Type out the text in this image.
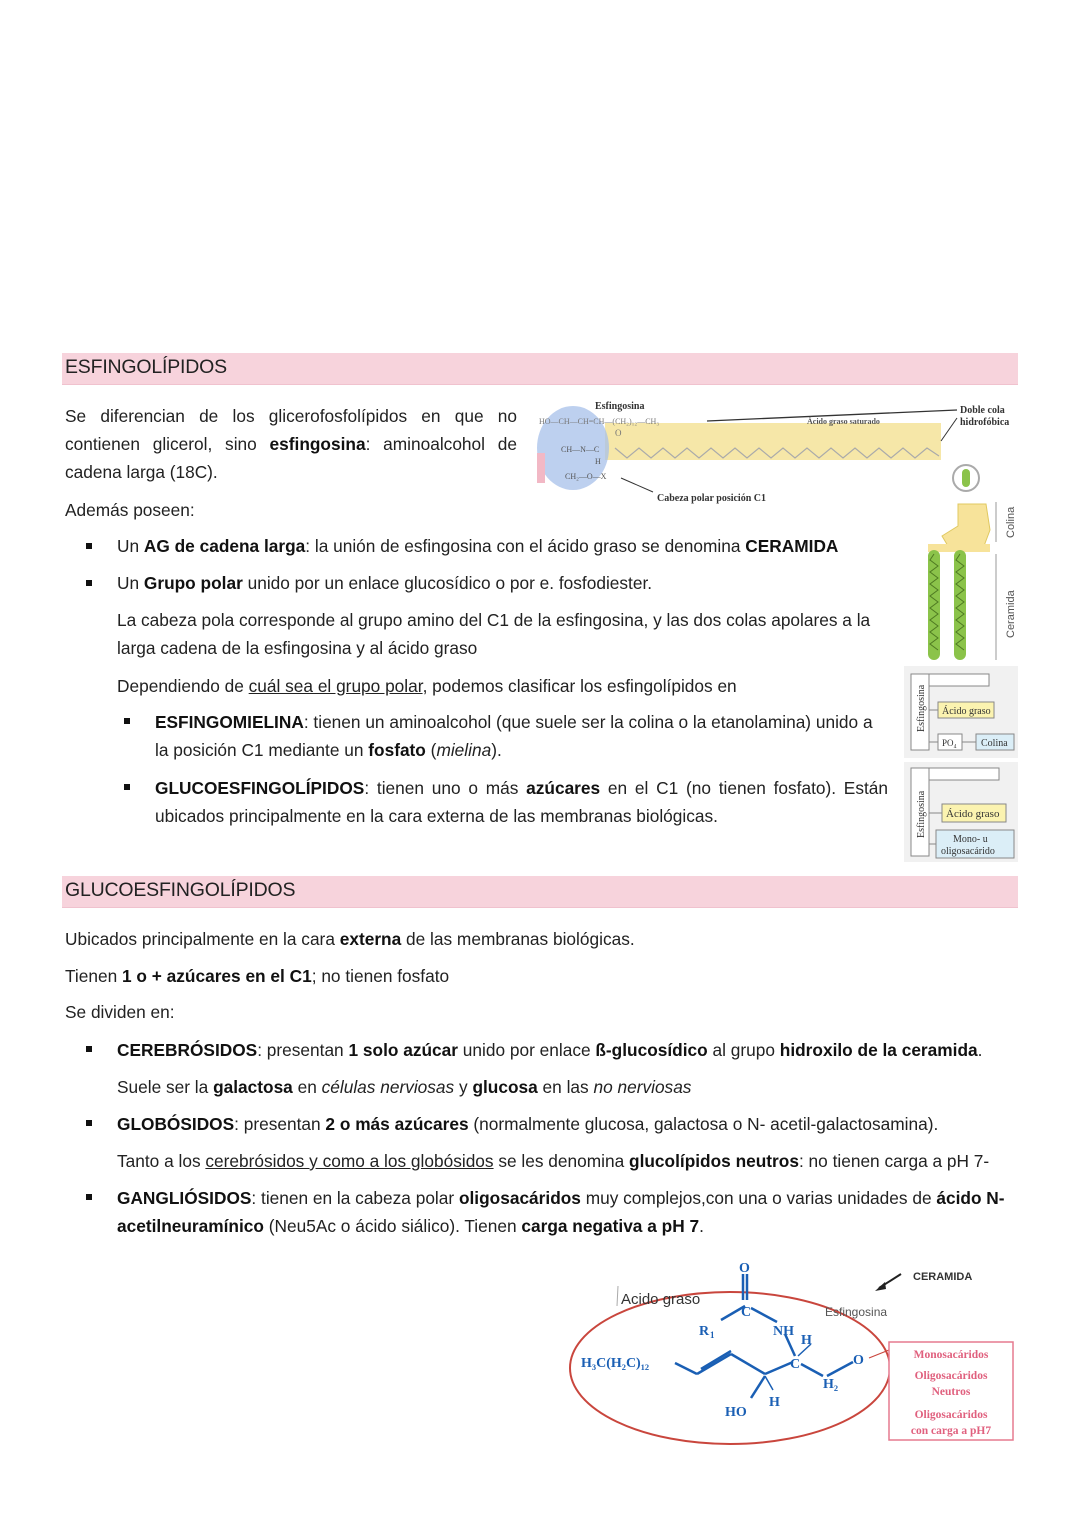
ESFINGOLÍPIDOS
Se diferencian de los glicerofosfolípidos en que no contienen glicerol, sino esfingosina: aminoalcohol de cadena larga (18C).
Además poseen:
Un AG de cadena larga: la unión de esfingosina con el ácido graso se denomina CERAMIDA
Un Grupo polar unido por un enlace glucosídico o por e. fosfodiester.
La cabeza pola corresponde al grupo amino del C1 de la esfingosina, y las dos colas apolares a la larga cadena de la esfingosina y al ácido graso
Dependiendo de cuál sea el grupo polar, podemos clasificar los esfingolípidos en
ESFINGOMIELINA: tienen un aminoalcohol (que suele ser la colina o la etanolamina) unido a la posición C1 mediante un fosfato (mielina).
GLUCOESFINGOLÍPIDOS: tienen uno o más azúcares en el C1 (no tienen fosfato). Están ubicados principalmente en la cara externa de las membranas biológicas.
Esfingosina
HO—CH—CH=CH—(CH₂)₁₂—CH₃	Ácido graso saturado
Doble cola
hidrofóbica
O
CH—N—C
H
CH₂—O—X
Cabeza polar posición C1
Colina
Ceramida
Esfingosina Ácido graso
PO₄ Colina
Esfingosina Ácido graso
Mono- u
oligosacárido
GLUCOESFINGOLÍPIDOS
Ubicados principalmente en la cara externa de las membranas biológicas.
Tienen 1 o + azúcares en el C1; no tienen fosfato
Se dividen en:
CEREBRÓSIDOS: presentan 1 solo azúcar unido por enlace ß-glucosídico al grupo hidroxilo de la ceramida.
Suele ser la galactosa en células nerviosas y glucosa en las no nerviosas
GLOBÓSIDOS: presentan 2 o más azúcares (normalmente glucosa, galactosa o N- acetil-galactosamina).
Tanto a los cerebrósidos y como a los globósidos se les denomina glucolípidos neutros: no tienen carga a pH 7-
GANGLIÓSIDOS: tienen en la cabeza polar oligosacáridos muy complejos,con una o varias unidades de ácido N-acetilneuramínico (Neu5Ac o ácido siálico). Tienen carga negativa a pH 7.
CERAMIDA
Acido graso
Esfingosina
O
C
R 1	NH
H
C	O
H₂
H₃C(H₂C)₁₂
H
HO
Monosacáridos
Oligosacáridos
Neutros
Oligosacáridos
con carga a pH7
